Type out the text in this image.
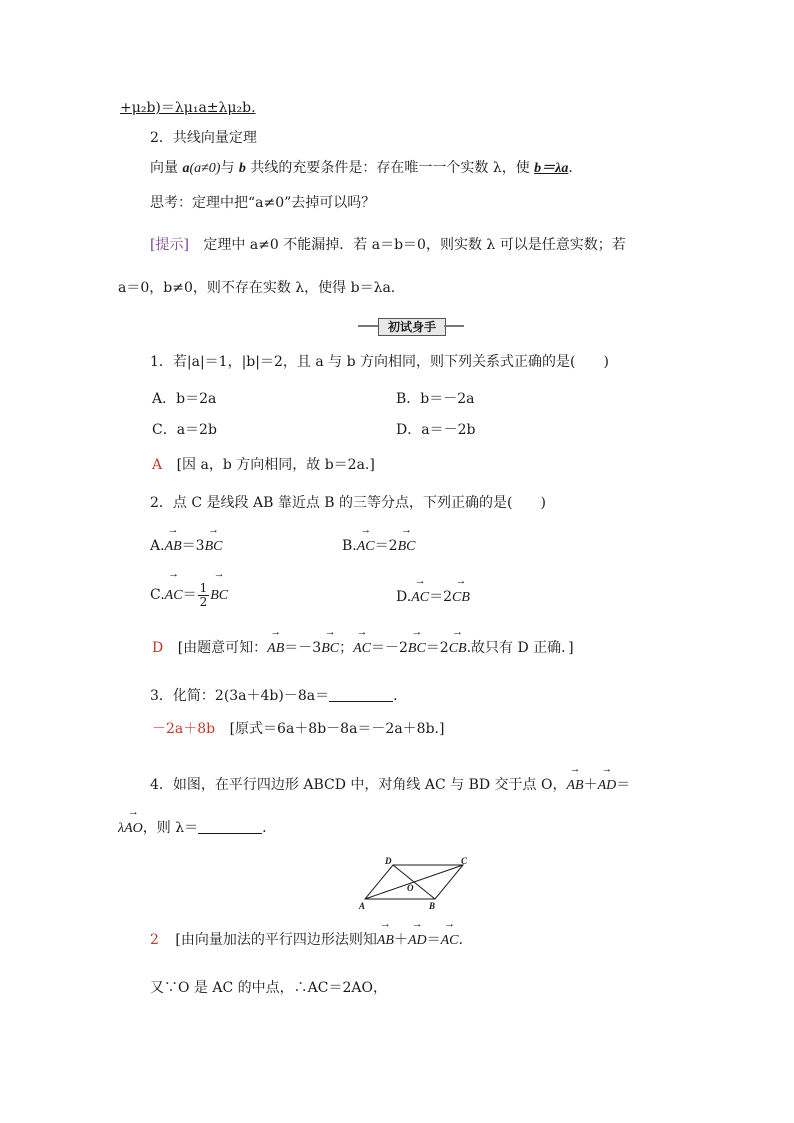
+μ₂b)＝λμ₁a±λμ₂b.
2．共线向量定理
向量 a(a≠0)与 b 共线的充要条件是：存在唯一一个实数 λ，使 b＝λa.
思考：定理中把“a≠0”去掉可以吗？
[提示] 定理中 a≠0 不能漏掉．若 a＝b＝0，则实数 λ 可以是任意实数；若
a＝0，b≠0，则不存在实数 λ，使得 b＝λa.
初试身手
1．若|a|＝1，|b|＝2，且 a 与 b 方向相同，则下列关系式正确的是(　　)
A．b＝2a	B．b＝－2a
C．a＝2b	D．a＝－2b
A [因 a，b 方向相同，故 b＝2a.]
2．点 C 是线段 AB 靠近点 B 的三等分点，下列正确的是(　　)
A.→ AB＝3→ BC	B.→ AC＝2→ BC
$C.\to AC= \frac{1}{2}$
→ BC	D.→ AC＝2→ CB
D [由题意可知：→ AB＝－3→ BC；→ AC＝－2→ BC＝2→ CB.故只有 D 正确．]
3．化简：2(3a＋4b)－8a＝	.
－2a＋8b [原式＝6a＋8b－8a＝－2a＋8b.]
4．如图，在平行四边形 ABCD 中，对角线 AC 与 BD 交于点 O，→ AB＋→ AD＝
λ→ AO，则 λ＝	.
A	B
C
D
O
2 [由向量加法的平行四边形法则知→ AB＋→ AD＝→ AC.
又∵O 是 AC 的中点，∴AC＝2AO，
